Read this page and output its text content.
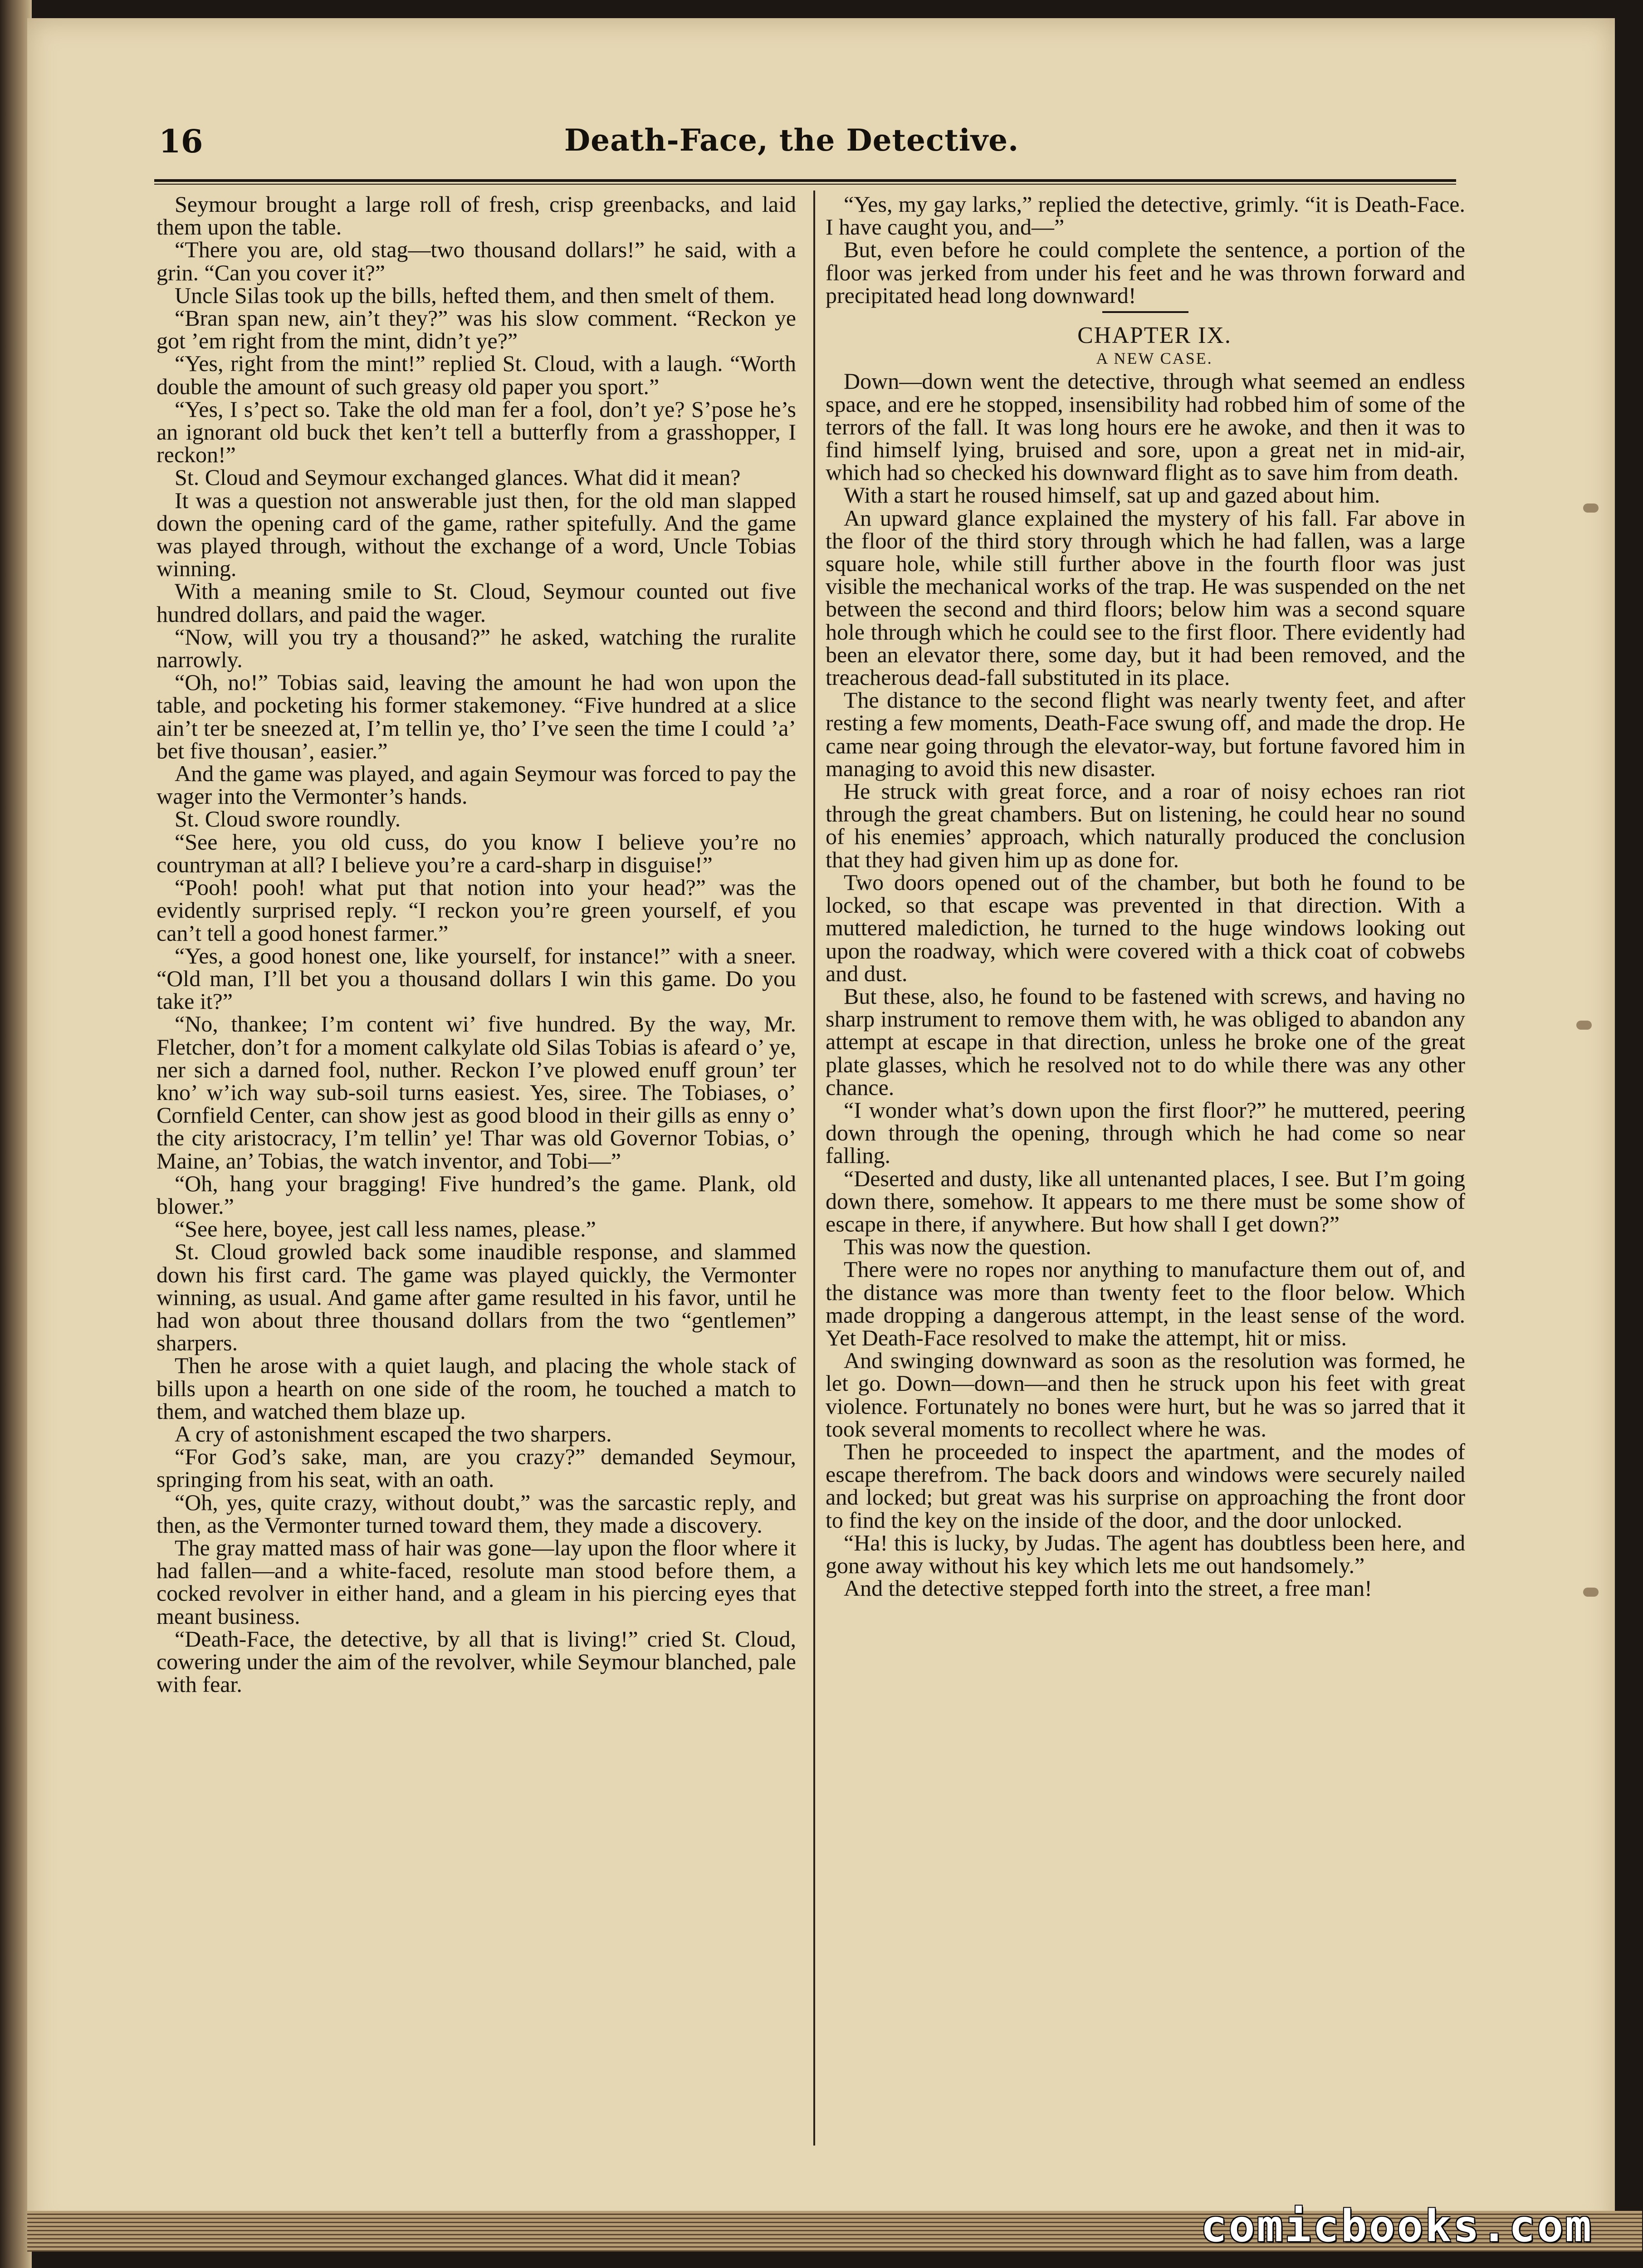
16	Death-Face, the Detective.

Seymour brought a large roll of fresh, crisp greenbacks, and laid them upon the table.

“There you are, old stag—two thousand dollars!” he said, with a grin. “Can you cover it?”

Uncle Silas took up the bills, hefted them, and then smelt of them.

“Bran span new, ain’t they?” was his slow comment. “Reckon ye got ’em right from the mint, didn’t ye?”

“Yes, right from the mint!” replied St. Cloud, with a laugh. “Worth double the amount of such greasy old paper you sport.”

“Yes, I s’pect so. Take the old man fer a fool, don’t ye? S’pose he’s an ignorant old buck thet ken’t tell a butterfly from a grasshopper, I reckon!”

St. Cloud and Seymour exchanged glances. What did it mean?

It was a question not answerable just then, for the old man slapped down the opening card of the game, rather spitefully. And the game was played through, without the exchange of a word, Uncle Tobias winning.

With a meaning smile to St. Cloud, Seymour counted out five hundred dollars, and paid the wager.

“Now, will you try a thousand?” he asked, watching the ruralite narrowly.

“Oh, no!” Tobias said, leaving the amount he had won upon the table, and pocketing his former stakemoney. “Five hundred at a slice ain’t ter be sneezed at, I’m tellin ye, tho’ I’ve seen the time I could ’a’ bet five thousan’, easier.”

And the game was played, and again Seymour was forced to pay the wager into the Vermonter’s hands.

St. Cloud swore roundly.

“See here, you old cuss, do you know I believe you’re no countryman at all? I believe you’re a card-sharp in disguise!”

“Pooh! pooh! what put that notion into your head?” was the evidently surprised reply. “I reckon you’re green yourself, ef you can’t tell a good honest farmer.”

“Yes, a good honest one, like yourself, for instance!” with a sneer. “Old man, I’ll bet you a thousand dollars I win this game. Do you take it?”

“No, thankee; I’m content wi’ five hundred. By the way, Mr. Fletcher, don’t for a moment calkylate old Silas Tobias is afeard o’ ye, ner sich a darned fool, nuther. Reckon I’ve plowed enuff groun’ ter kno’ w’ich way sub-soil turns easiest. Yes, siree. The Tobiases, o’ Cornfield Center, can show jest as good blood in their gills as enny o’ the city aristocracy, I’m tellin’ ye! Thar was old Governor Tobias, o’ Maine, an’ Tobias, the watch inventor, and Tobi—”

“Oh, hang your bragging! Five hundred’s the game. Plank, old blower.”

“See here, boyee, jest call less names, please.”

St. Cloud growled back some inaudible response, and slammed down his first card. The game was played quickly, the Vermonter winning, as usual. And game after game resulted in his favor, until he had won about three thousand dollars from the two “gentlemen” sharpers.

Then he arose with a quiet laugh, and placing the whole stack of bills upon a hearth on one side of the room, he touched a match to them, and watched them blaze up.

A cry of astonishment escaped the two sharpers.

“For God’s sake, man, are you crazy?” demanded Seymour, springing from his seat, with an oath.

“Oh, yes, quite crazy, without doubt,” was the sarcastic reply, and then, as the Vermonter turned toward them, they made a discovery.

The gray matted mass of hair was gone—lay upon the floor where it had fallen—and a white-faced, resolute man stood before them, a cocked revolver in either hand, and a gleam in his piercing eyes that meant business.

“Death-Face, the detective, by all that is living!” cried St. Cloud, cowering under the aim of the revolver, while Seymour blanched, pale with fear.

“Yes, my gay larks,” replied the detective, grimly. “it is Death-Face. I have caught you, and—”

But, even before he could complete the sentence, a portion of the floor was jerked from under his feet and he was thrown forward and precipitated head long downward!

CHAPTER IX.

A NEW CASE.

Down—down went the detective, through what seemed an endless space, and ere he stopped, insensibility had robbed him of some of the terrors of the fall. It was long hours ere he awoke, and then it was to find himself lying, bruised and sore, upon a great net in mid-air, which had so checked his downward flight as to save him from death.

With a start he roused himself, sat up and gazed about him.

An upward glance explained the mystery of his fall. Far above in the floor of the third story through which he had fallen, was a large square hole, while still further above in the fourth floor was just visible the mechanical works of the trap. He was suspended on the net between the second and third floors; below him was a second square hole through which he could see to the first floor. There evidently had been an elevator there, some day, but it had been removed, and the treacherous dead-fall substituted in its place.

The distance to the second flight was nearly twenty feet, and after resting a few moments, Death-Face swung off, and made the drop. He came near going through the elevator-way, but fortune favored him in managing to avoid this new disaster.

He struck with great force, and a roar of noisy echoes ran riot through the great chambers. But on listening, he could hear no sound of his enemies’ approach, which naturally produced the conclusion that they had given him up as done for.

Two doors opened out of the chamber, but both he found to be locked, so that escape was prevented in that direction. With a muttered malediction, he turned to the huge windows looking out upon the roadway, which were covered with a thick coat of cobwebs and dust.

But these, also, he found to be fastened with screws, and having no sharp instrument to remove them with, he was obliged to abandon any attempt at escape in that direction, unless he broke one of the great plate glasses, which he resolved not to do while there was any other chance.

“I wonder what’s down upon the first floor?” he muttered, peering down through the opening, through which he had come so near falling.

“Deserted and dusty, like all untenanted places, I see. But I’m going down there, somehow. It appears to me there must be some show of escape in there, if anywhere. But how shall I get down?”

This was now the question.

There were no ropes nor anything to manufacture them out of, and the distance was more than twenty feet to the floor below. Which made dropping a dangerous attempt, in the least sense of the word. Yet Death-Face resolved to make the attempt, hit or miss.

And swinging downward as soon as the resolution was formed, he let go. Down—down—and then he struck upon his feet with great violence. Fortunately no bones were hurt, but he was so jarred that it took several moments to recollect where he was.

Then he proceeded to inspect the apartment, and the modes of escape therefrom. The back doors and windows were securely nailed and locked; but great was his surprise on approaching the front door to find the key on the inside of the door, and the door unlocked.

“Ha! this is lucky, by Judas. The agent has doubtless been here, and gone away without his key which lets me out handsomely.”

And the detective stepped forth into the street, a free man!

comicbooks.com
